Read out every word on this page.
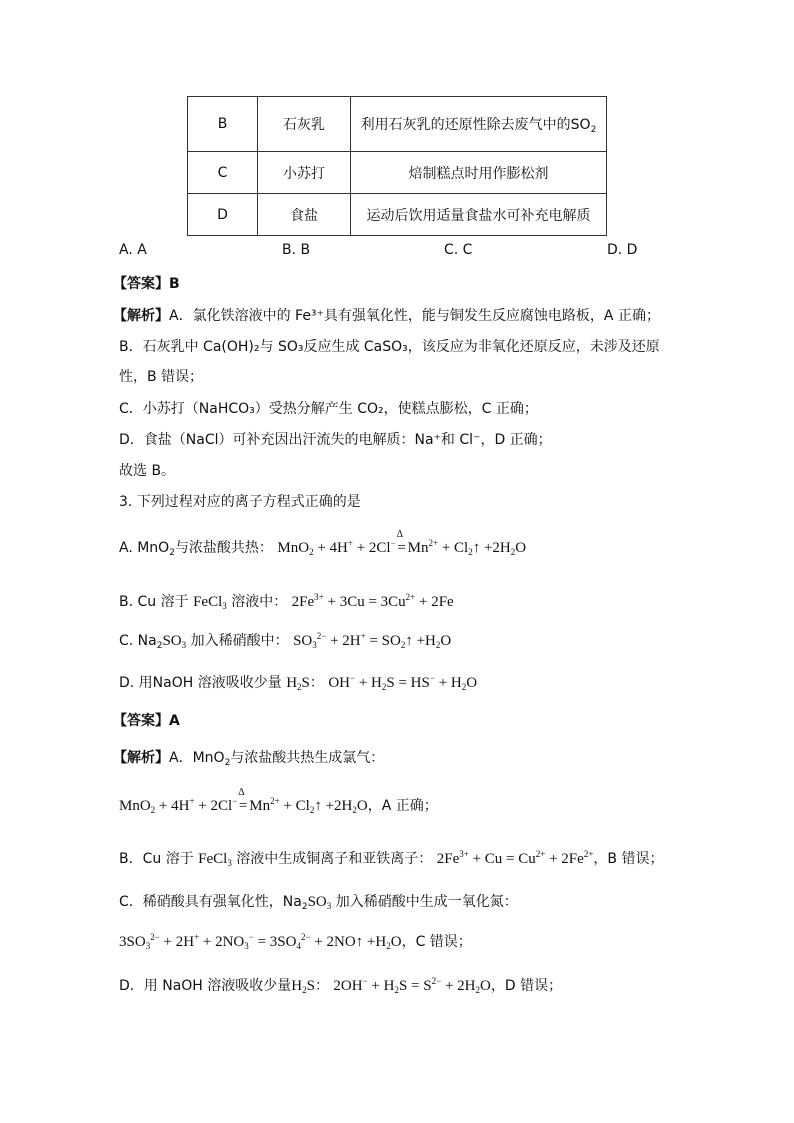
B	石灰乳	利用石灰乳的还原性除去废气中的$SO_2$
C	小苏打	焙制糕点时用作膨松剂
D	食盐	运动后饮用适量食盐水可补充电解质
A. A	B. B	C. C	D. D
【答案】B
【解析】A．氯化铁溶液中的 Fe³⁺具有强氧化性，能与铜发生反应腐蚀电路板，A 正确；
B．石灰乳中 Ca(OH)₂与 SO₃反应生成 CaSO₃，该反应为非氧化还原反应，未涉及还原
性，B 错误；
C．小苏打（NaHCO₃）受热分解产生 CO₂，使糕点膨松，C 正确；
D．食盐（NaCl）可补充因出汗流失的电解质：Na⁺和 Cl⁻，D 正确；
故选 B。
3. 下列过程对应的离子方程式正确的是
A. MnO$_2$与浓盐酸共热： MnO$_2$ + 4H+ + 2Cl−
Δ
= $Mn^{2+}$ + $Cl_2↑ +2H_2O$
B. Cu 溶于 FeCl$_3$ 溶液中： $2Fe^{3+} + 3Cu = 3Cu^{2+} + 2Fe$
C. $Na_2SO_3$ 加入稀硝酸中： $SO_3^{2-} + 2H^+$ = $SO_2↑ +H_2O$
D. 用NaOH 溶液吸收少量 $H_2S$： $OH^- + H_2S = HS^- + H_2O$
【答案】A
【解析】A．MnO$_2$与浓盐酸共热生成氯气：
MnO$_2$ + 4H+ + 2Cl−
Δ
= $Mn^{2+}$ + $Cl_2↑ +2H_2O$，A 正确；
B．Cu 溶于 FeCl$_3$ 溶液中生成铜离子和亚铁离子： $2Fe^{3+} + Cu = Cu^{2+} + 2Fe^{2+}$，B 错误；
C．稀硝酸具有强氧化性，$Na_2SO_3$ 加入稀硝酸中生成一氧化氮：
$3SO_3^{2-} + 2H^+ + 2NO_3^- = 3SO_4^{2-}$ + 2NO↑ $+H_2O$，C 错误；
D．用 NaOH 溶液吸收少量$H_2S$： $2OH^- + H_2S = S^{2-} + 2H_2O$，D 错误；
